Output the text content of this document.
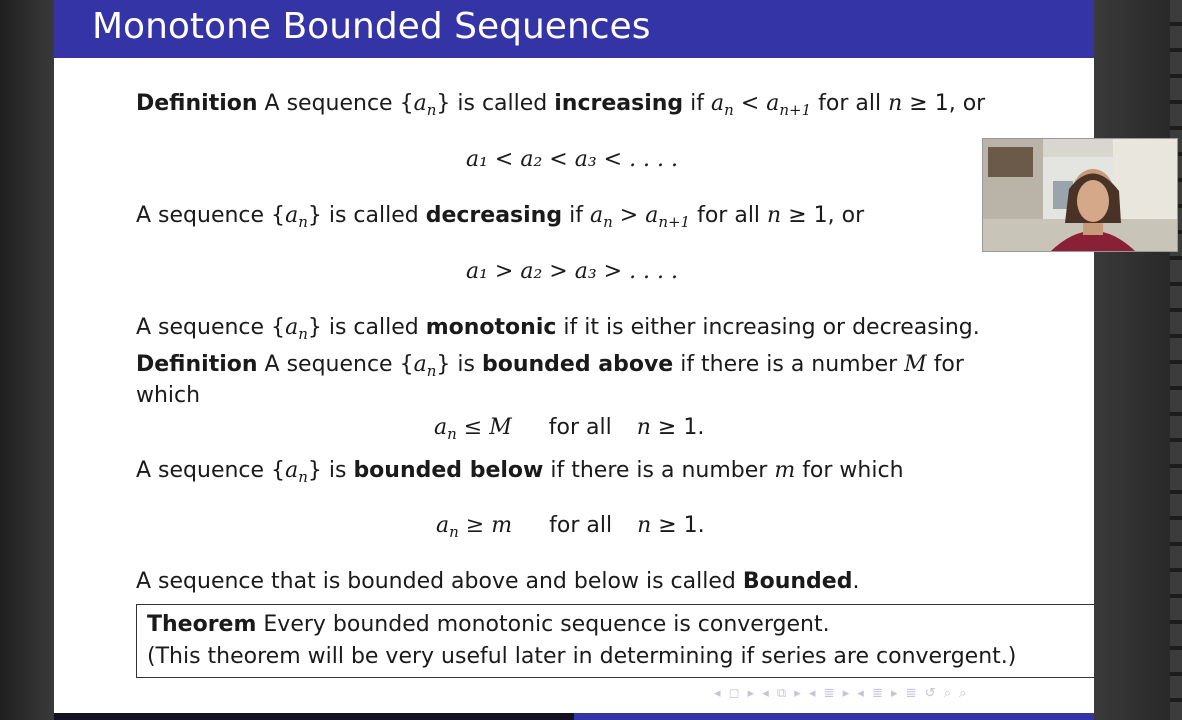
Monotone Bounded Sequences
Definition A sequence $\{a_n\}$ is called increasing if $a_n < a_{n+1}$ for all n ≥ 1, or
a₁ < a₂ < a₃ < . . . .
A sequence $\{a_n\}$ is called decreasing if $a_n > a_{n+1}$ for all n ≥ 1, or
a₁ > a₂ > a₃ > . . . .
A sequence $\{a_n\}$ is called monotonic if it is either increasing or decreasing.
Definition A sequence $\{a_n\}$ is bounded above if there is a number M for
which
$a_n \le M$ for all n ≥ 1.
A sequence $\{a_n\}$ is bounded below if there is a number m for which
$a_n \ge m$ for all n ≥ 1.
A sequence that is bounded above and below is called Bounded.
Theorem Every bounded monotonic sequence is convergent.
(This theorem will be very useful later in determining if series are convergent.)
◂ ◻ ▸ ◂ ⧉ ▸ ◂ ≣ ▸ ◂ ≣ ▸ ≣ ↺ ⌕ ⌕
